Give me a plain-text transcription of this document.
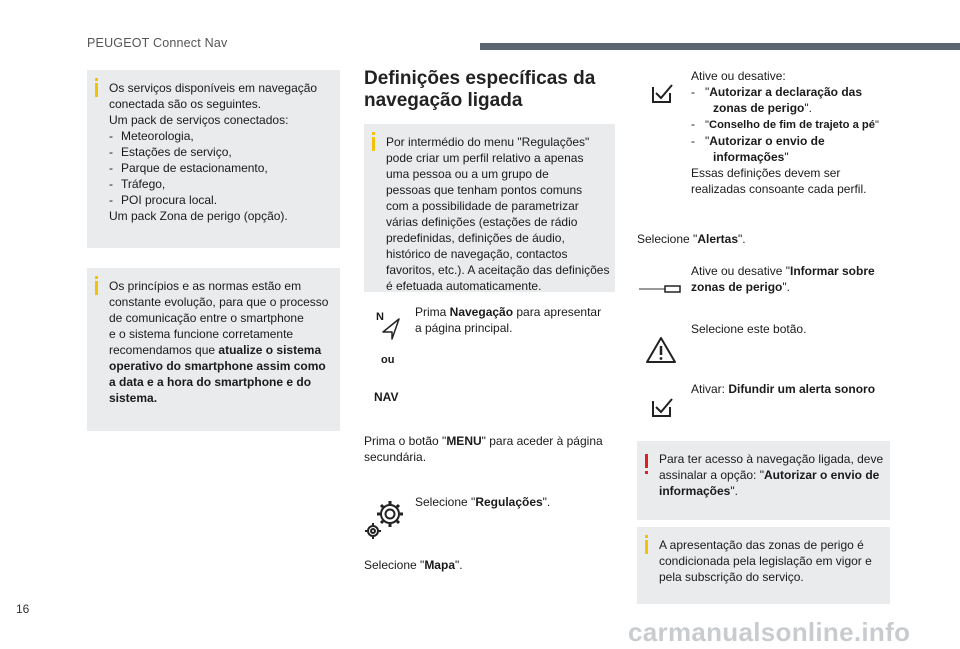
PEUGEOT Connect Nav
Os serviços disponíveis em navegação
conectada são os seguintes.
Um pack de serviços conectados:
- Meteorologia,
- Estações de serviço,
- Parque de estacionamento,
- Tráfego,
- POI procura local.
Um pack Zona de perigo (opção).
Os princípios e as normas estão em
constante evolução, para que o processo
de comunicação entre o smartphone
e o sistema funcione corretamente
recomendamos que atualize o sistema
operativo do smartphone assim como
a data e a hora do smartphone e do
sistema.
Definições específicas da
navegação ligada
Por intermédio do menu "Regulações"
pode criar um perfil relativo a apenas
uma pessoa ou a um grupo de
pessoas que tenham pontos comuns
com a possibilidade de parametrizar
várias definições (estações de rádio
predefinidas, definições de áudio,
histórico de navegação, contactos
favoritos, etc.). A aceitação das definições
é efetuada automaticamente.
N
ou
NAV
Prima Navegação para apresentar
a página principal.
Prima o botão "MENU" para aceder à página
secundária.
Selecione "Regulações".
Selecione "Mapa".
Ative ou desative:
- "Autorizar a declaração das
zonas de perigo".
- "Conselho de fim de trajeto a pé"
- "Autorizar o envio de
informações"
Essas definições devem ser
realizadas consoante cada perfil.
Selecione "Alertas".
Ative ou desative "Informar sobre
zonas de perigo".
Selecione este botão.
Ativar: Difundir um alerta sonoro
Para ter acesso à navegação ligada, deve
assinalar a opção: "Autorizar o envio de
informações".
A apresentação das zonas de perigo é
condicionada pela legislação em vigor e
pela subscrição do serviço.
16
carmanualsonline.info
